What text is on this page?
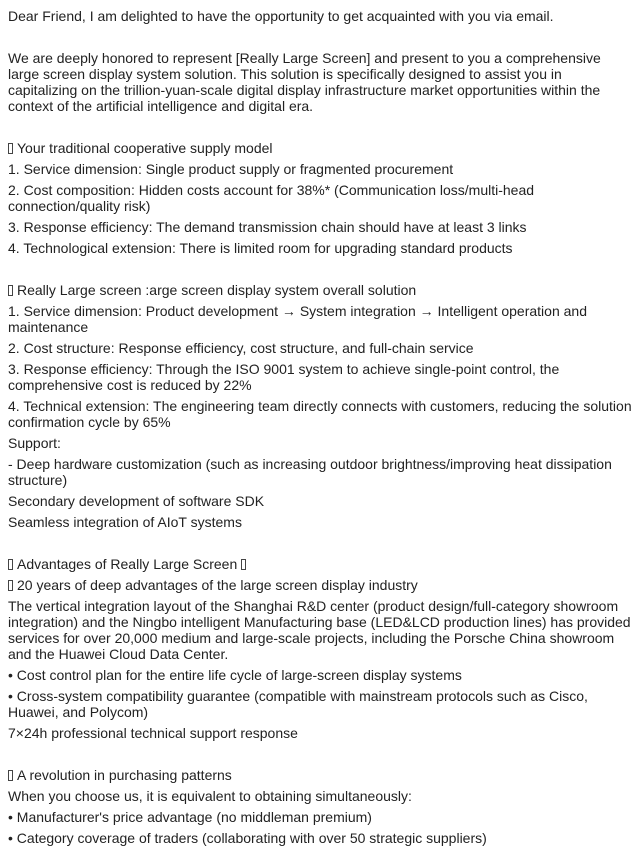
Dear Friend, I am delighted to have the opportunity to get acquainted with you via email.
We are deeply honored to represent [Really Large Screen] and present to you a comprehensive large screen display system solution. This solution is specifically designed to assist you in capitalizing on the trillion-yuan-scale digital display infrastructure market opportunities within the context of the artificial intelligence and digital era.
Your traditional cooperative supply model
1. Service dimension: Single product supply or fragmented procurement
2. Cost composition: Hidden costs account for 38%* (Communication loss/multi-head connection/quality risk)
3. Response efficiency: The demand transmission chain should have at least 3 links
4. Technological extension: There is limited room for upgrading standard products
Really Large screen :arge screen display system overall solution
1. Service dimension: Product development → System integration → Intelligent operation and maintenance
2. Cost structure: Response efficiency, cost structure, and full-chain service
3. Response efficiency: Through the ISO 9001 system to achieve single-point control, the comprehensive cost is reduced by 22%
4. Technical extension: The engineering team directly connects with customers, reducing the solution confirmation cycle by 65%
Support:
- Deep hardware customization (such as increasing outdoor brightness/improving heat dissipation structure)
Secondary development of software SDK
Seamless integration of AIoT systems
Advantages of Really Large Screen
20 years of deep advantages of the large screen display industry
The vertical integration layout of the Shanghai R&D center (product design/full-category showroom integration) and the Ningbo intelligent Manufacturing base (LED&LCD production lines) has provided services for over 20,000 medium and large-scale projects, including the Porsche China showroom and the Huawei Cloud Data Center.
• Cost control plan for the entire life cycle of large-screen display systems
• Cross-system compatibility guarantee (compatible with mainstream protocols such as Cisco, Huawei, and Polycom)
7×24h professional technical support response
A revolution in purchasing patterns
When you choose us, it is equivalent to obtaining simultaneously:
• Manufacturer's price advantage (no middleman premium)
• Category coverage of traders (collaborating with over 50 strategic suppliers)
